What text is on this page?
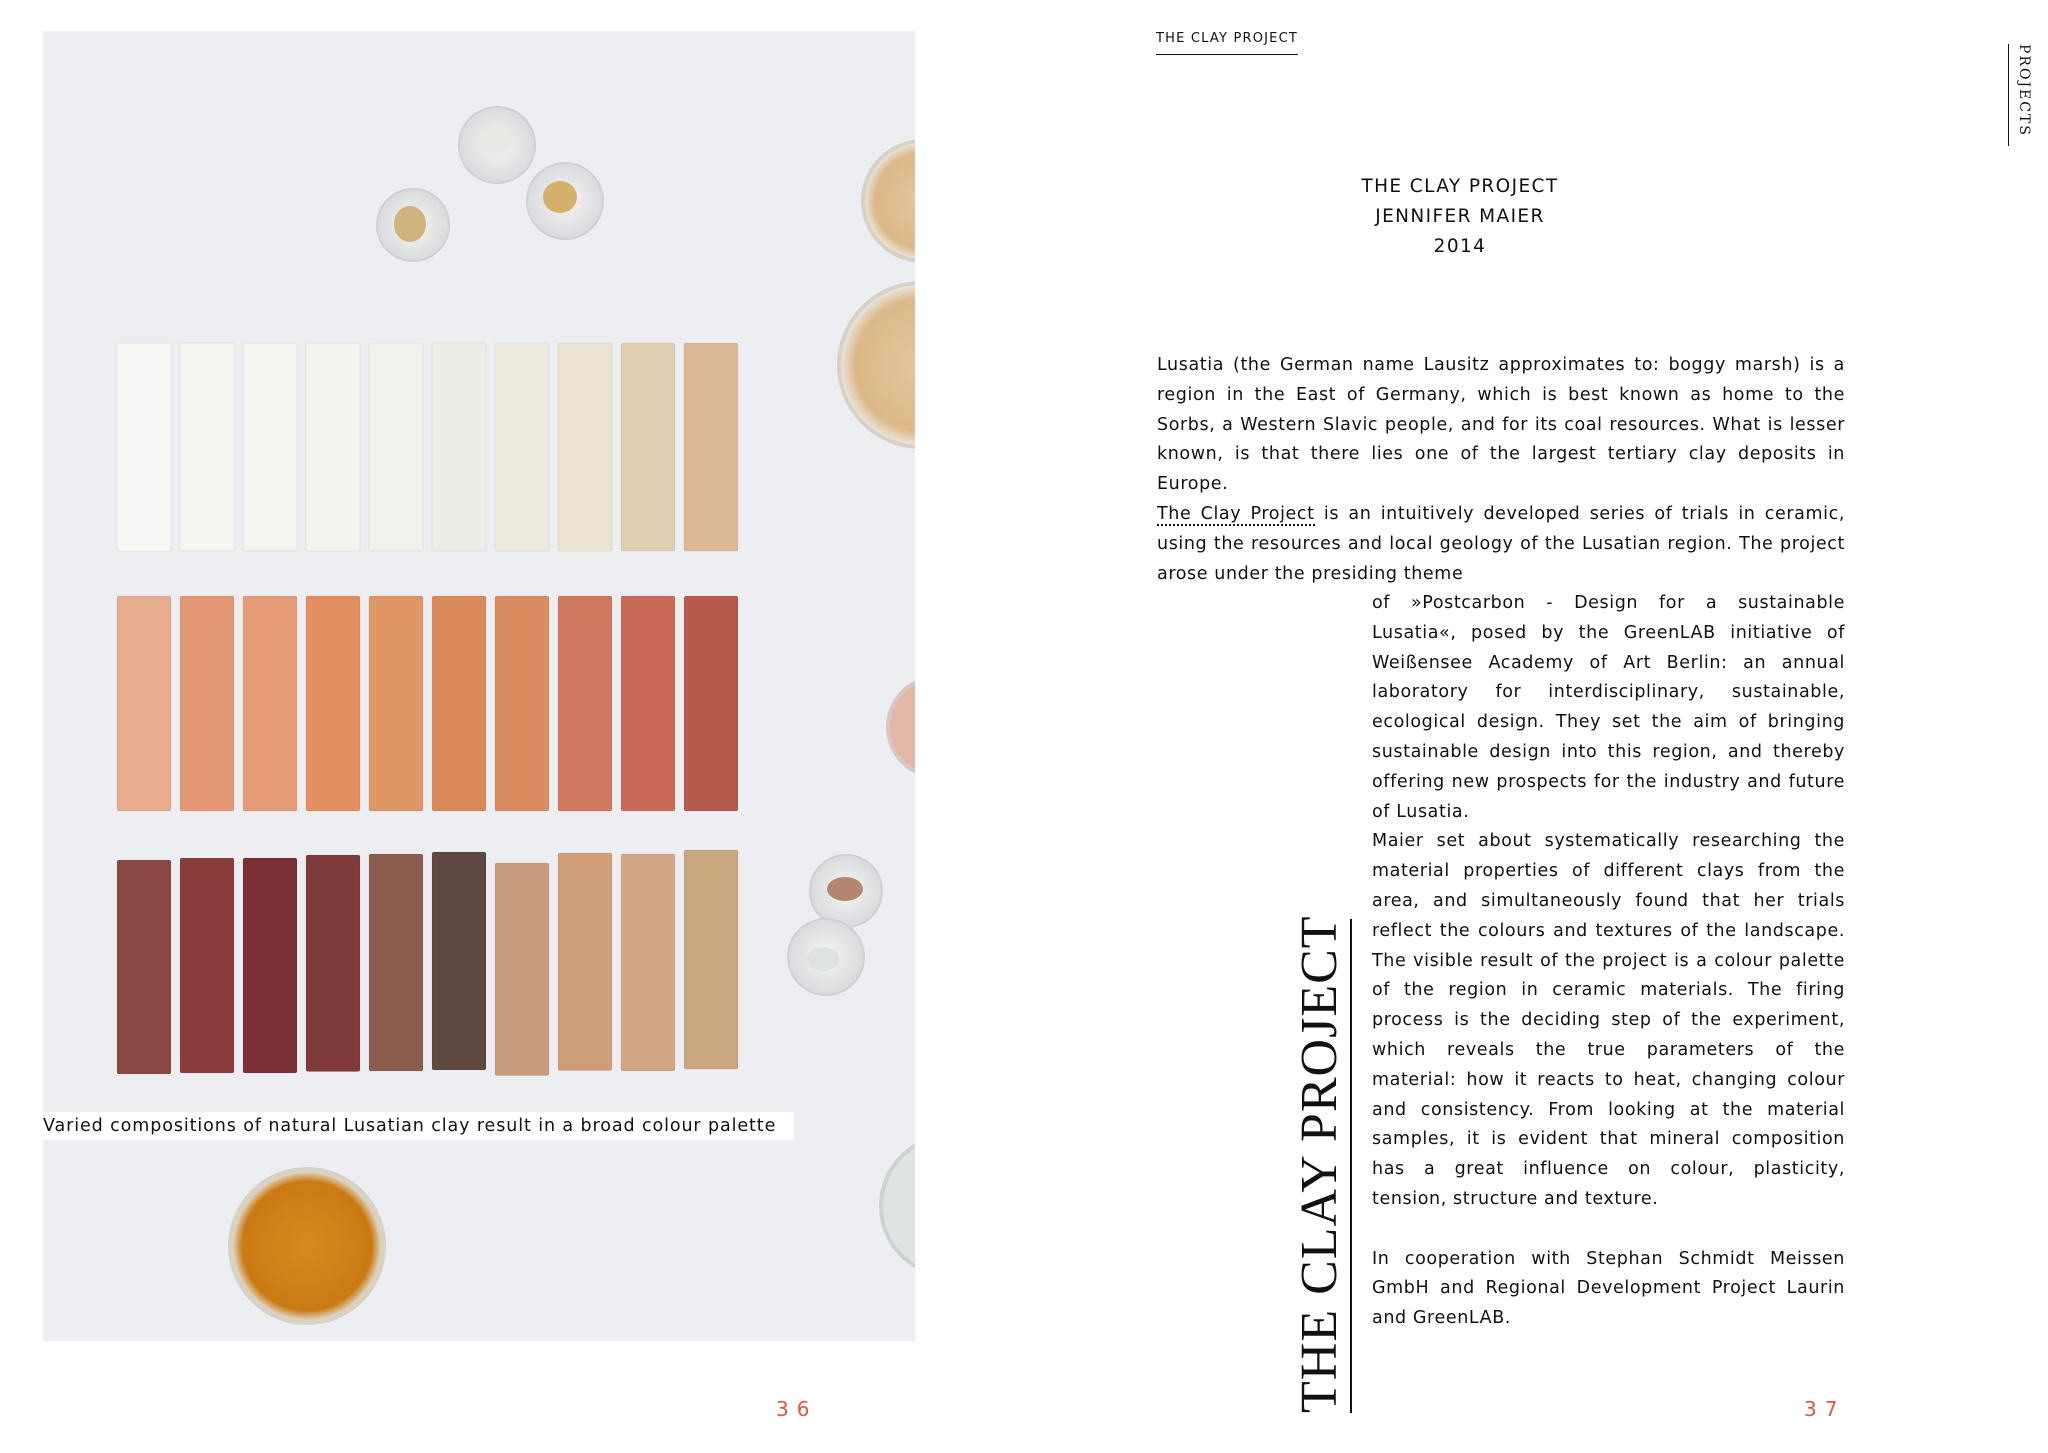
Varied compositions of natural Lusatian clay result in a broad colour palette
36
THE CLAY PROJECT
PROJECTS
THE CLAY PROJECT
JENNIFER MAIER
2014

Lusatia (the German name Lausitz approximates to: boggy marsh) is a region in the East of Germany, which is best known as home to the Sorbs, a Western Slavic people, and for its coal resources. What is lesser known, is that there lies one of the largest tertiary clay deposits in Europe.

The Clay Project is an intuitively developed series of trials in ceramic, using the resources and local geology of the Lusatian region. The project arose under the presiding theme

of »Postcarbon - Design for a sustainable Lusatia«, posed by the GreenLAB initiative of Weißensee Academy of Art Berlin: an annual laboratory for interdisciplinary, sustainable, ecological design. They set the aim of bringing sustainable design into this region, and thereby offering new prospects for the industry and future of Lusatia.

Maier set about systematically researching the material properties of different clays from the area, and simultaneously found that her trials reflect the colours and textures of the landscape. The visible result of the project is a colour palette of the region in ceramic materials. The firing process is the deciding step of the experiment, which reveals the true parameters of the material: how it reacts to heat, changing colour and consistency. From looking at the material samples, it is evident that mineral composition has a great influence on colour, plasticity, tension, structure and texture.

In cooperation with Stephan Schmidt Meissen GmbH and Regional Development Project Laurin and GreenLAB.

THE CLAY PROJECT	37
